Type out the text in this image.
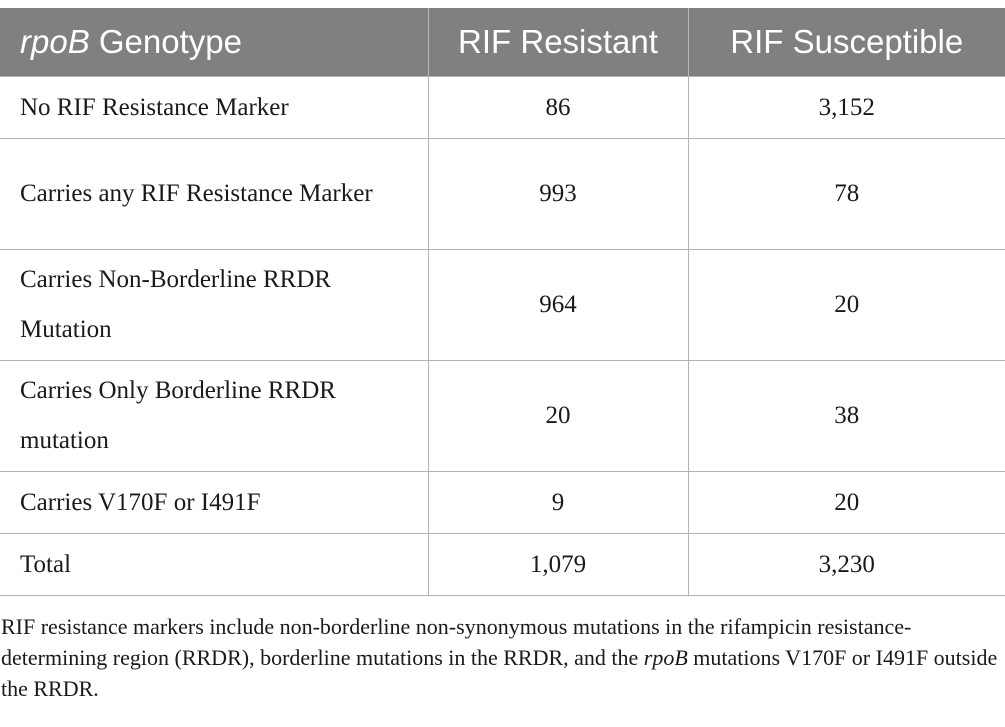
rpoB Genotype	RIF Resistant	RIF Susceptible
No RIF Resistance Marker	86	3,152
Carries any RIF Resistance Marker	993	78
Carries Non-Borderline RRDR Mutation	964	20
Carries Only Borderline RRDR mutation	20	38
Carries V170F or I491F	9	20
Total	1,079	3,230
RIF resistance markers include non-borderline non-synonymous mutations in the rifampicin resistance-determining region (RRDR), borderline mutations in the RRDR, and the rpoB mutations V170F or I491F outside the RRDR.
